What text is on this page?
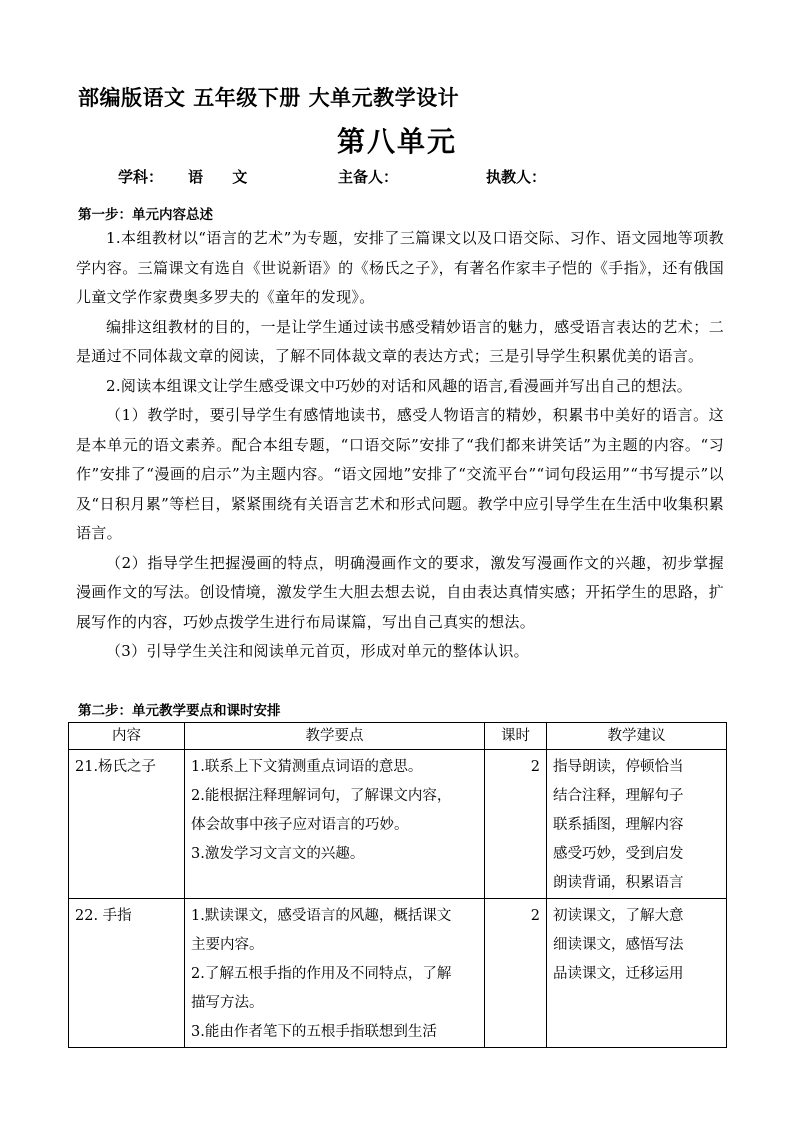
部编版语文 五年级下册 大单元教学设计
第八单元
学科： 语 文	主备人：	执教人：
第一步：单元内容总述

1.本组教材以“语言的艺术”为专题，安排了三篇课文以及口语交际、习作、语文园地等项教学内容。三篇课文有选自《世说新语》的《杨氏之子》，有著名作家丰子恺的《手指》，还有俄国儿童文学作家费奥多罗夫的《童年的发现》。

编排这组教材的目的，一是让学生通过读书感受精妙语言的魅力，感受语言表达的艺术；二是通过不同体裁文章的阅读，了解不同体裁文章的表达方式；三是引导学生积累优美的语言。

2.阅读本组课文让学生感受课文中巧妙的对话和风趣的语言,看漫画并写出自己的想法。

（1）教学时，要引导学生有感情地读书，感受人物语言的精妙，积累书中美好的语言。这是本单元的语文素养。配合本组专题，“口语交际”安排了“我们都来讲笑话”为主题的内容。“习作”安排了“漫画的启示”为主题内容。“语文园地”安排了“交流平台”“词句段运用”“书写提示”以及“日积月累”等栏目，紧紧围绕有关语言艺术和形式问题。教学中应引导学生在生活中收集积累语言。

（2）指导学生把握漫画的特点，明确漫画作文的要求，激发写漫画作文的兴趣，初步掌握漫画作文的写法。创设情境，激发学生大胆去想去说，自由表达真情实感；开拓学生的思路，扩展写作的内容，巧妙点拨学生进行布局谋篇，写出自己真实的想法。

（3）引导学生关注和阅读单元首页，形成对单元的整体认识。

第二步：单元教学要点和课时安排
内容	教学要点	课时	教学建议
21.杨氏之子	1.联系上下文猜测重点词语的意思。
2.能根据注释理解词句，了解课文内容，
体会故事中孩子应对语言的巧妙。
3.激发学习文言文的兴趣。	2	指导朗读，停顿恰当
结合注释，理解句子
联系插图，理解内容
感受巧妙，受到启发
朗读背诵，积累语言

22. 手指	1.默读课文，感受语言的风趣，概括课文
主要内容。
2.了解五根手指的作用及不同特点，了解
描写方法。
3.能由作者笔下的五根手指联想到生活	2	初读课文，了解大意
细读课文，感悟写法
品读课文，迁移运用
